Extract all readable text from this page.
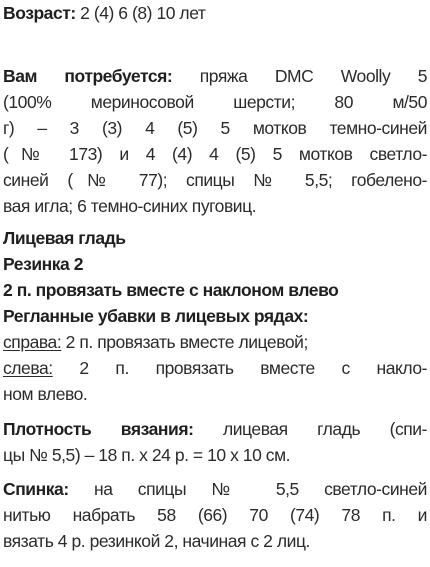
Возраст: 2 (4) 6 (8) 10 лет
Вам потребуется: пряжа DMC Woolly 5
(100% мериносовой шерсти; 80 м/50
г) – 3 (3) 4 (5) 5 мотков темно-синей
(№ 173) и 4 (4) 4 (5) 5 мотков светло-
синей (№ 77); спицы № 5,5; гобелено-
вая игла; 6 темно-синих пуговиц.
Лицевая гладь
Резинка 2
2 п. провязать вместе с наклоном влево
Регланные убавки в лицевых рядах:
справа: 2 п. провязать вместе лицевой;
слева: 2 п. провязать вместе с накло-
ном влево.
Плотность вязания: лицевая гладь (спи-
цы № 5,5) – 18 п. х 24 р. = 10 х 10 см.
Спинка: на спицы № 5,5 светло-синей
нитью набрать 58 (66) 70 (74) 78 п. и
вязать 4 р. резинкой 2, начиная с 2 лиц.
